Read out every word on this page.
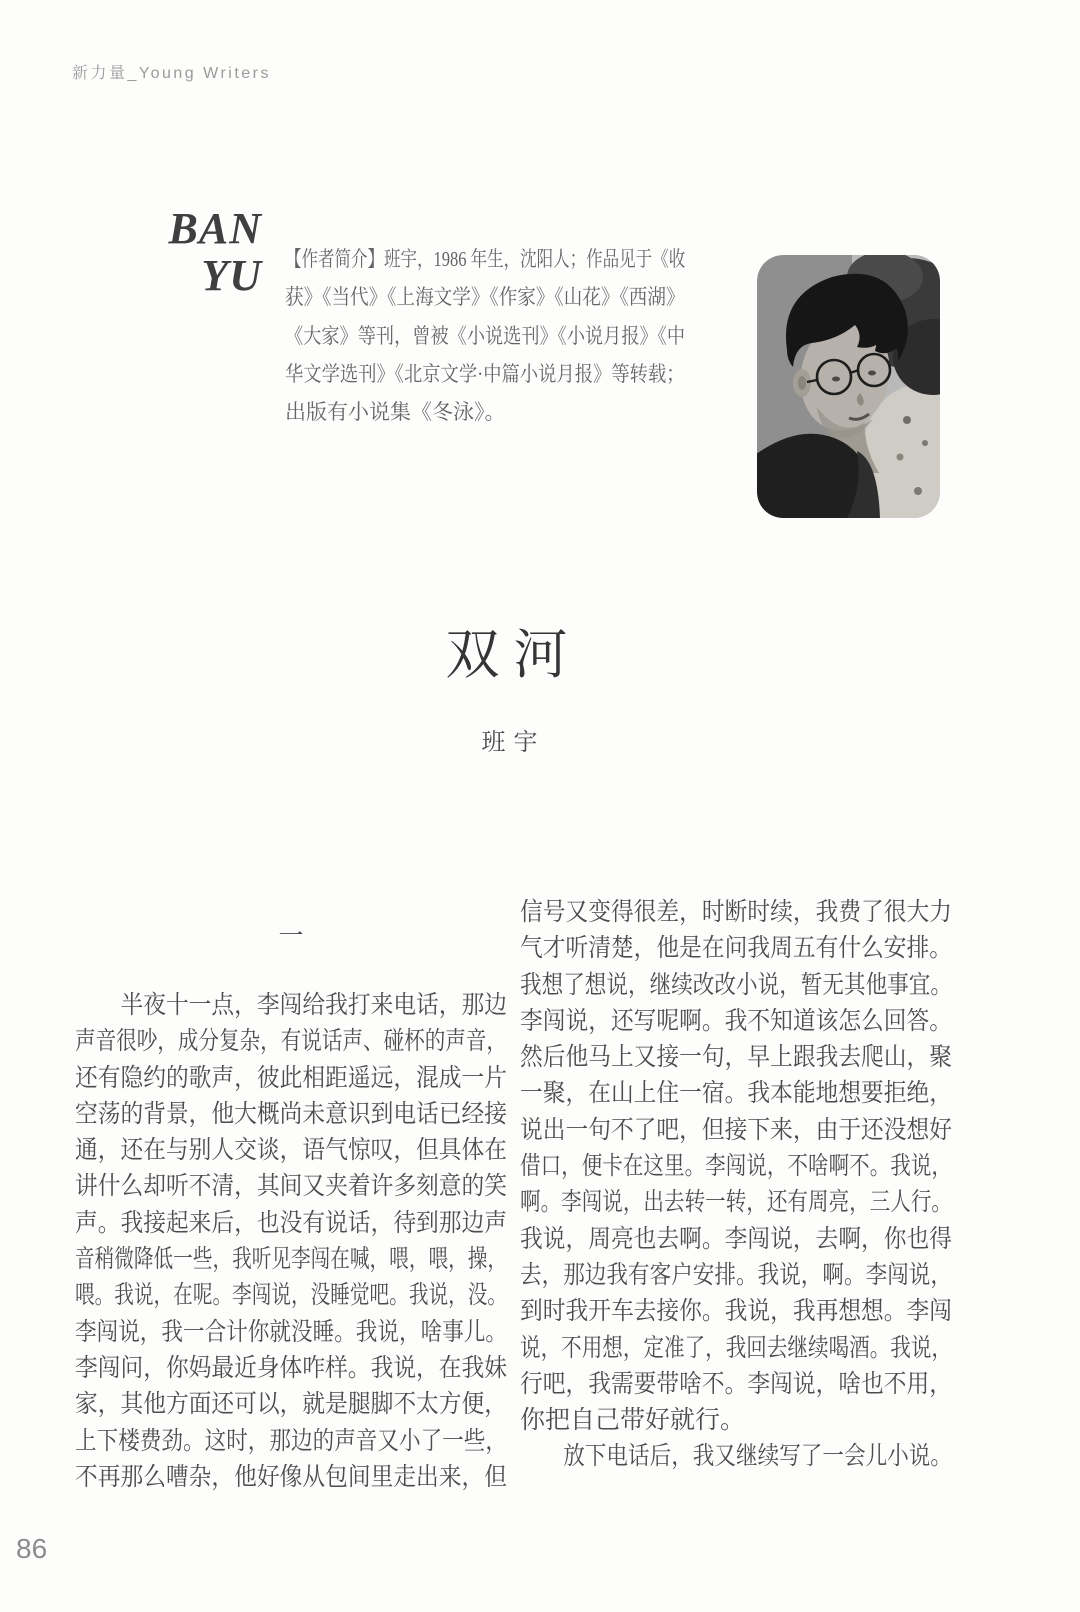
新力量_Young Writers
BAN
YU 【作者简介】班宇，1986 年生，沈阳人；作品见于《收
获》《当代》《上海文学》《作家》《山花》《西湖》
《大家》等刊，曾被《小说选刊》《小说月报》《中
华文学选刊》《北京文学·中篇小说月报》等转载；
出版有小说集《冬泳》。
双河
班宇
一
　　半夜十一点，李闯给我打来电话，那边
声音很吵，成分复杂，有说话声、碰杯的声音，
还有隐约的歌声，彼此相距遥远，混成一片
空荡的背景，他大概尚未意识到电话已经接
通，还在与别人交谈，语气惊叹，但具体在
讲什么却听不清，其间又夹着许多刻意的笑
声。我接起来后，也没有说话，待到那边声
音稍微降低一些，我听见李闯在喊，喂，喂，操，
喂。我说，在呢。李闯说，没睡觉吧。我说，没。
李闯说，我一合计你就没睡。我说，啥事儿。
李闯问，你妈最近身体咋样。我说，在我妹
家，其他方面还可以，就是腿脚不太方便，
上下楼费劲。这时，那边的声音又小了一些，
不再那么嘈杂，他好像从包间里走出来，但
信号又变得很差，时断时续，我费了很大力
气才听清楚，他是在问我周五有什么安排。
我想了想说，继续改改小说，暂无其他事宜。
李闯说，还写呢啊。我不知道该怎么回答。
然后他马上又接一句，早上跟我去爬山，聚
一聚，在山上住一宿。我本能地想要拒绝，
说出一句不了吧，但接下来，由于还没想好
借口，便卡在这里。李闯说，不啥啊不。我说，
啊。李闯说，出去转一转，还有周亮，三人行。
我说，周亮也去啊。李闯说，去啊，你也得
去，那边我有客户安排。我说，啊。李闯说，
到时我开车去接你。我说，我再想想。李闯
说，不用想，定准了，我回去继续喝酒。我说，
行吧，我需要带啥不。李闯说，啥也不用，
你把自己带好就行。
　　放下电话后，我又继续写了一会儿小说。
86
